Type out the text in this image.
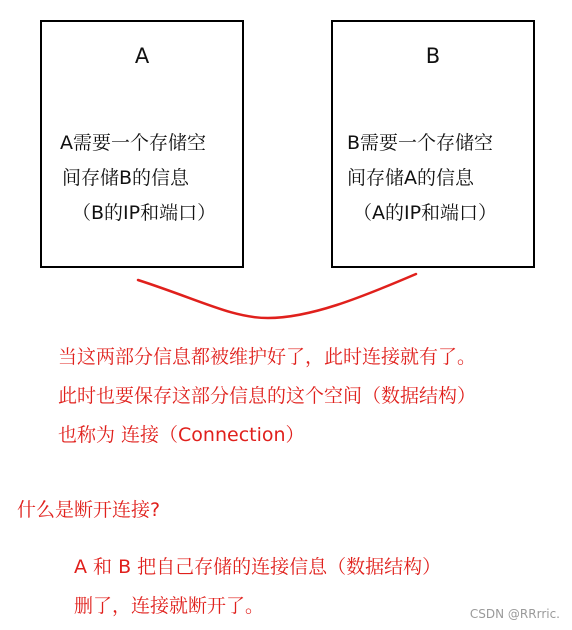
A
A需要一个存储空
间存储B的信息
（B的IP和端口）
B
B需要一个存储空
间存储A的信息
（A的IP和端口）
当这两部分信息都被维护好了，此时连接就有了。
此时也要保存这部分信息的这个空间（数据结构）
也称为 连接（Connection）
什么是断开连接?
A 和 B 把自己存储的连接信息（数据结构）
删了，连接就断开了。	CSDN @RRrric.
